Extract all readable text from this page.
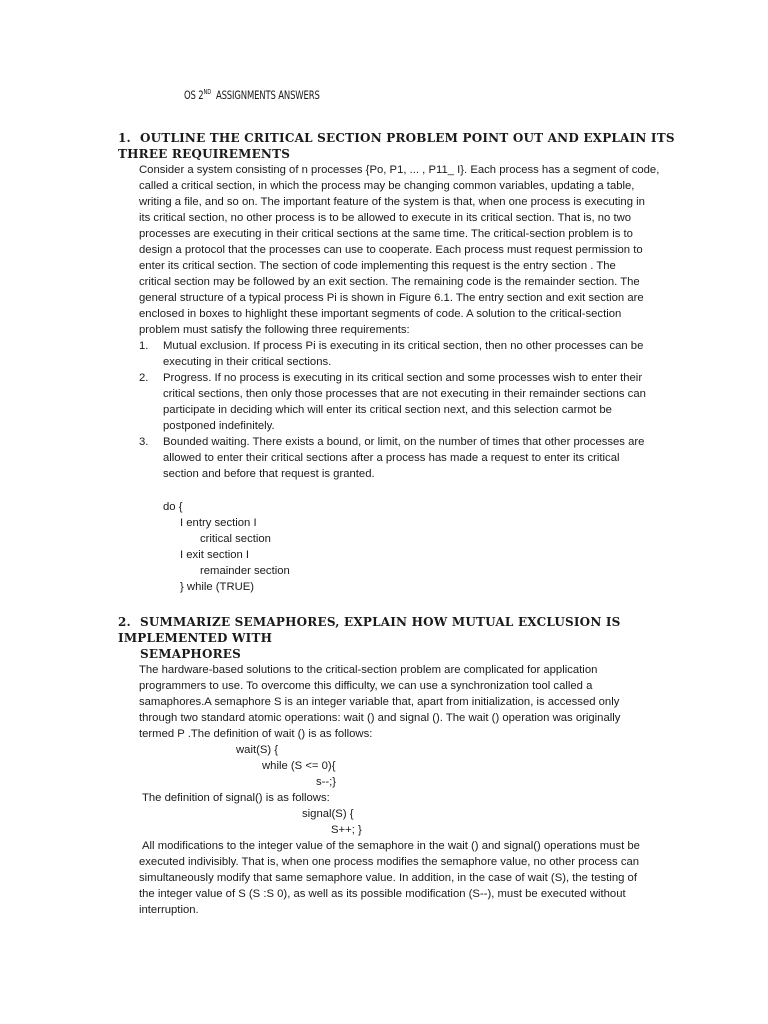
OS 2ND ASSIGNMENTS ANSWERS
1. OUTLINE THE CRITICAL SECTION PROBLEM POINT OUT AND EXPLAIN ITS THREE REQUIREMENTS
Consider a system consisting of n processes {Po, P1, ... , P11_ I}. Each process has a segment of code,
called a critical section, in which the process may be changing common variables, updating a table,
writing a file, and so on. The important feature of the system is that, when one process is executing in
its critical section, no other process is to be allowed to execute in its critical section. That is, no two
processes are executing in their critical sections at the same time. The critical-section problem is to
design a protocol that the processes can use to cooperate. Each process must request permission to
enter its critical section. The section of code implementing this request is the entry section . The
critical section may be followed by an exit section. The remaining code is the remainder section. The
general structure of a typical process Pi is shown in Figure 6.1. The entry section and exit section are
enclosed in boxes to highlight these important segments of code. A solution to the critical-section
problem must satisfy the following three requirements:
1. Mutual exclusion. If process Pi is executing in its critical section, then no other processes can be
executing in their critical sections.
2. Progress. If no process is executing in its critical section and some processes wish to enter their
critical sections, then only those processes that are not executing in their remainder sections can
participate in deciding which will enter its critical section next, and this selection carmot be
postponed indefinitely.
3. Bounded waiting. There exists a bound, or limit, on the number of times that other processes are
allowed to enter their critical sections after a process has made a request to enter its critical
section and before that request is granted.
do {
I entry section I
critical section
I exit section I
remainder section
} while (TRUE)
2. SUMMARIZE SEMAPHORES, EXPLAIN HOW MUTUAL EXCLUSION IS IMPLEMENTED WITH
SEMAPHORES
The hardware-based solutions to the critical-section problem are complicated for application
programmers to use. To overcome this difficulty, we can use a synchronization tool called a
samaphores.A semaphore S is an integer variable that, apart from initialization, is accessed only
through two standard atomic operations: wait () and signal (). The wait () operation was originally
termed P .The definition of wait () is as follows:
wait(S) {
while (S <= 0){
s--;}
The definition of signal() is as follows:
signal(S) {
S++; }
All modifications to the integer value of the semaphore in the wait () and signal() operations must be
executed indivisibly. That is, when one process modifies the semaphore value, no other process can
simultaneously modify that same semaphore value. In addition, in the case of wait (S), the testing of
the integer value of S (S :S 0), as well as its possible modification (S--), must be executed without
interruption.
